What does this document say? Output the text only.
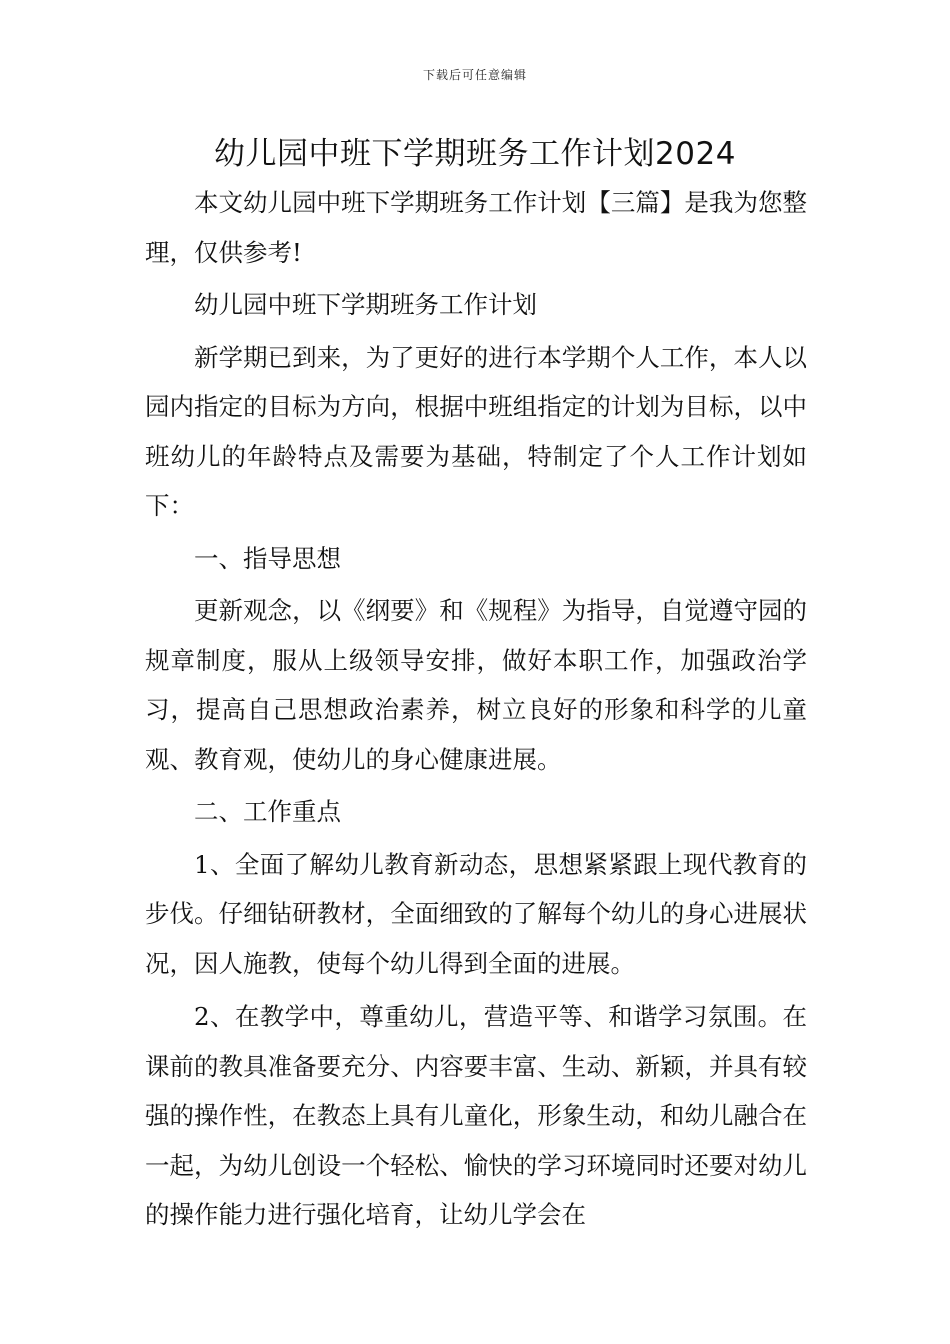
下载后可任意编辑
幼儿园中班下学期班务工作计划2024

本文幼儿园中班下学期班务工作计划【三篇】是我为您整理，仅供参考!

幼儿园中班下学期班务工作计划

新学期已到来，为了更好的进行本学期个人工作，本人以园内指定的目标为方向，根据中班组指定的计划为目标，以中班幼儿的年龄特点及需要为基础，特制定了个人工作计划如下：

一、指导思想

更新观念，以《纲要》和《规程》为指导，自觉遵守园的规章制度，服从上级领导安排，做好本职工作，加强政治学习，提高自己思想政治素养，树立良好的形象和科学的儿童观、教育观，使幼儿的身心健康进展。

二、工作重点

1、全面了解幼儿教育新动态，思想紧紧跟上现代教育的步伐。仔细钻研教材，全面细致的了解每个幼儿的身心进展状况，因人施教，使每个幼儿得到全面的进展。

2、在教学中，尊重幼儿，营造平等、和谐学习氛围。在课前的教具准备要充分、内容要丰富、生动、新颖，并具有较强的操作性，在教态上具有儿童化，形象生动，和幼儿融合在一起，为幼儿创设一个轻松、愉快的学习环境同时还要对幼儿的操作能力进行强化培育，让幼儿学会在
